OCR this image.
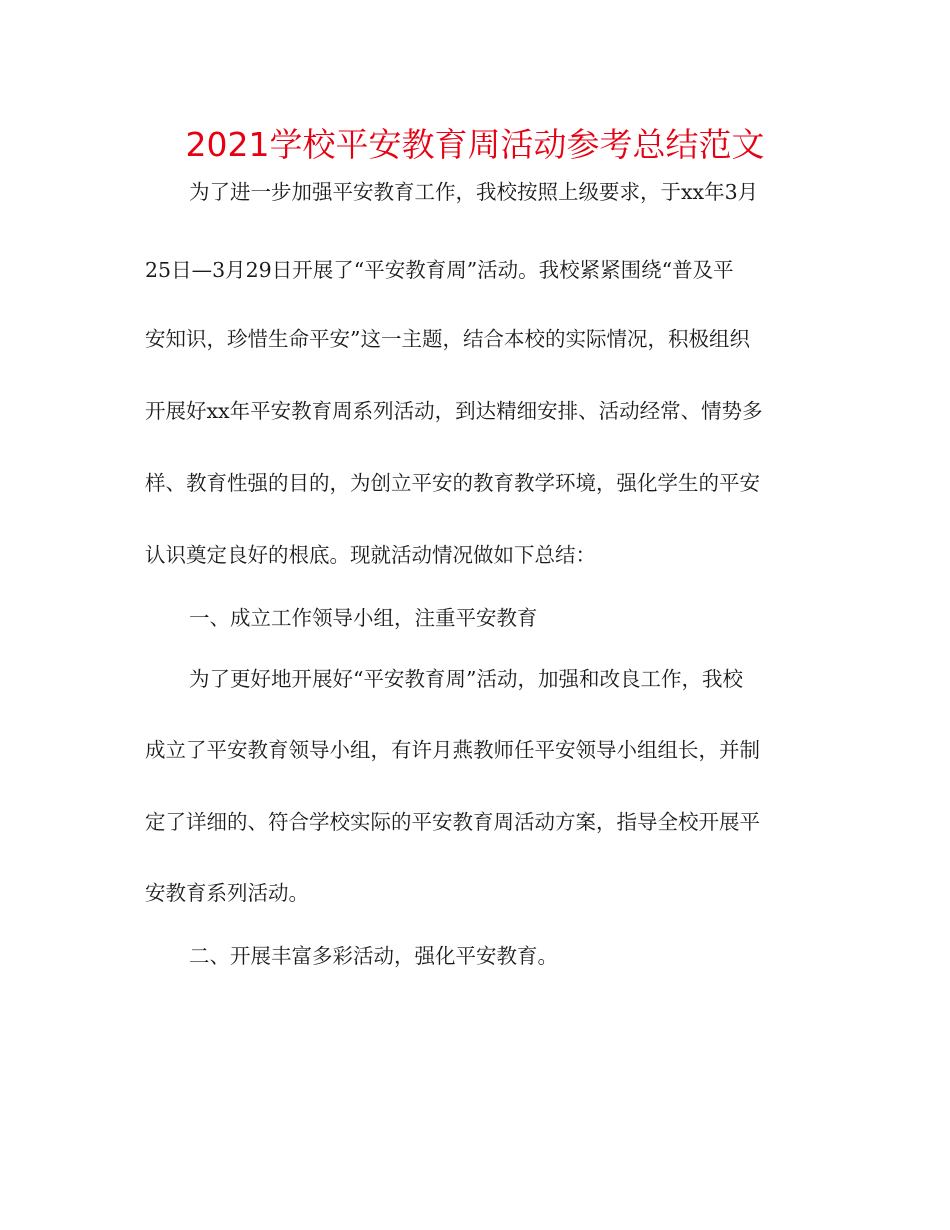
2021学校平安教育周活动参考总结范文
为了进一步加强平安教育工作，我校按照上级要求，于xx年3月
25日—3月29日开展了“平安教育周”活动。我校紧紧围绕“普及平
安知识，珍惜生命平安”这一主题，结合本校的实际情况，积极组织
开展好xx年平安教育周系列活动，到达精细安排、活动经常、情势多
样、教育性强的目的，为创立平安的教育教学环境，强化学生的平安
认识奠定良好的根底。现就活动情况做如下总结：
一、成立工作领导小组，注重平安教育
为了更好地开展好“平安教育周”活动，加强和改良工作，我校
成立了平安教育领导小组，有许月燕教师任平安领导小组组长，并制
定了详细的、符合学校实际的平安教育周活动方案，指导全校开展平
安教育系列活动。
二、开展丰富多彩活动，强化平安教育。
